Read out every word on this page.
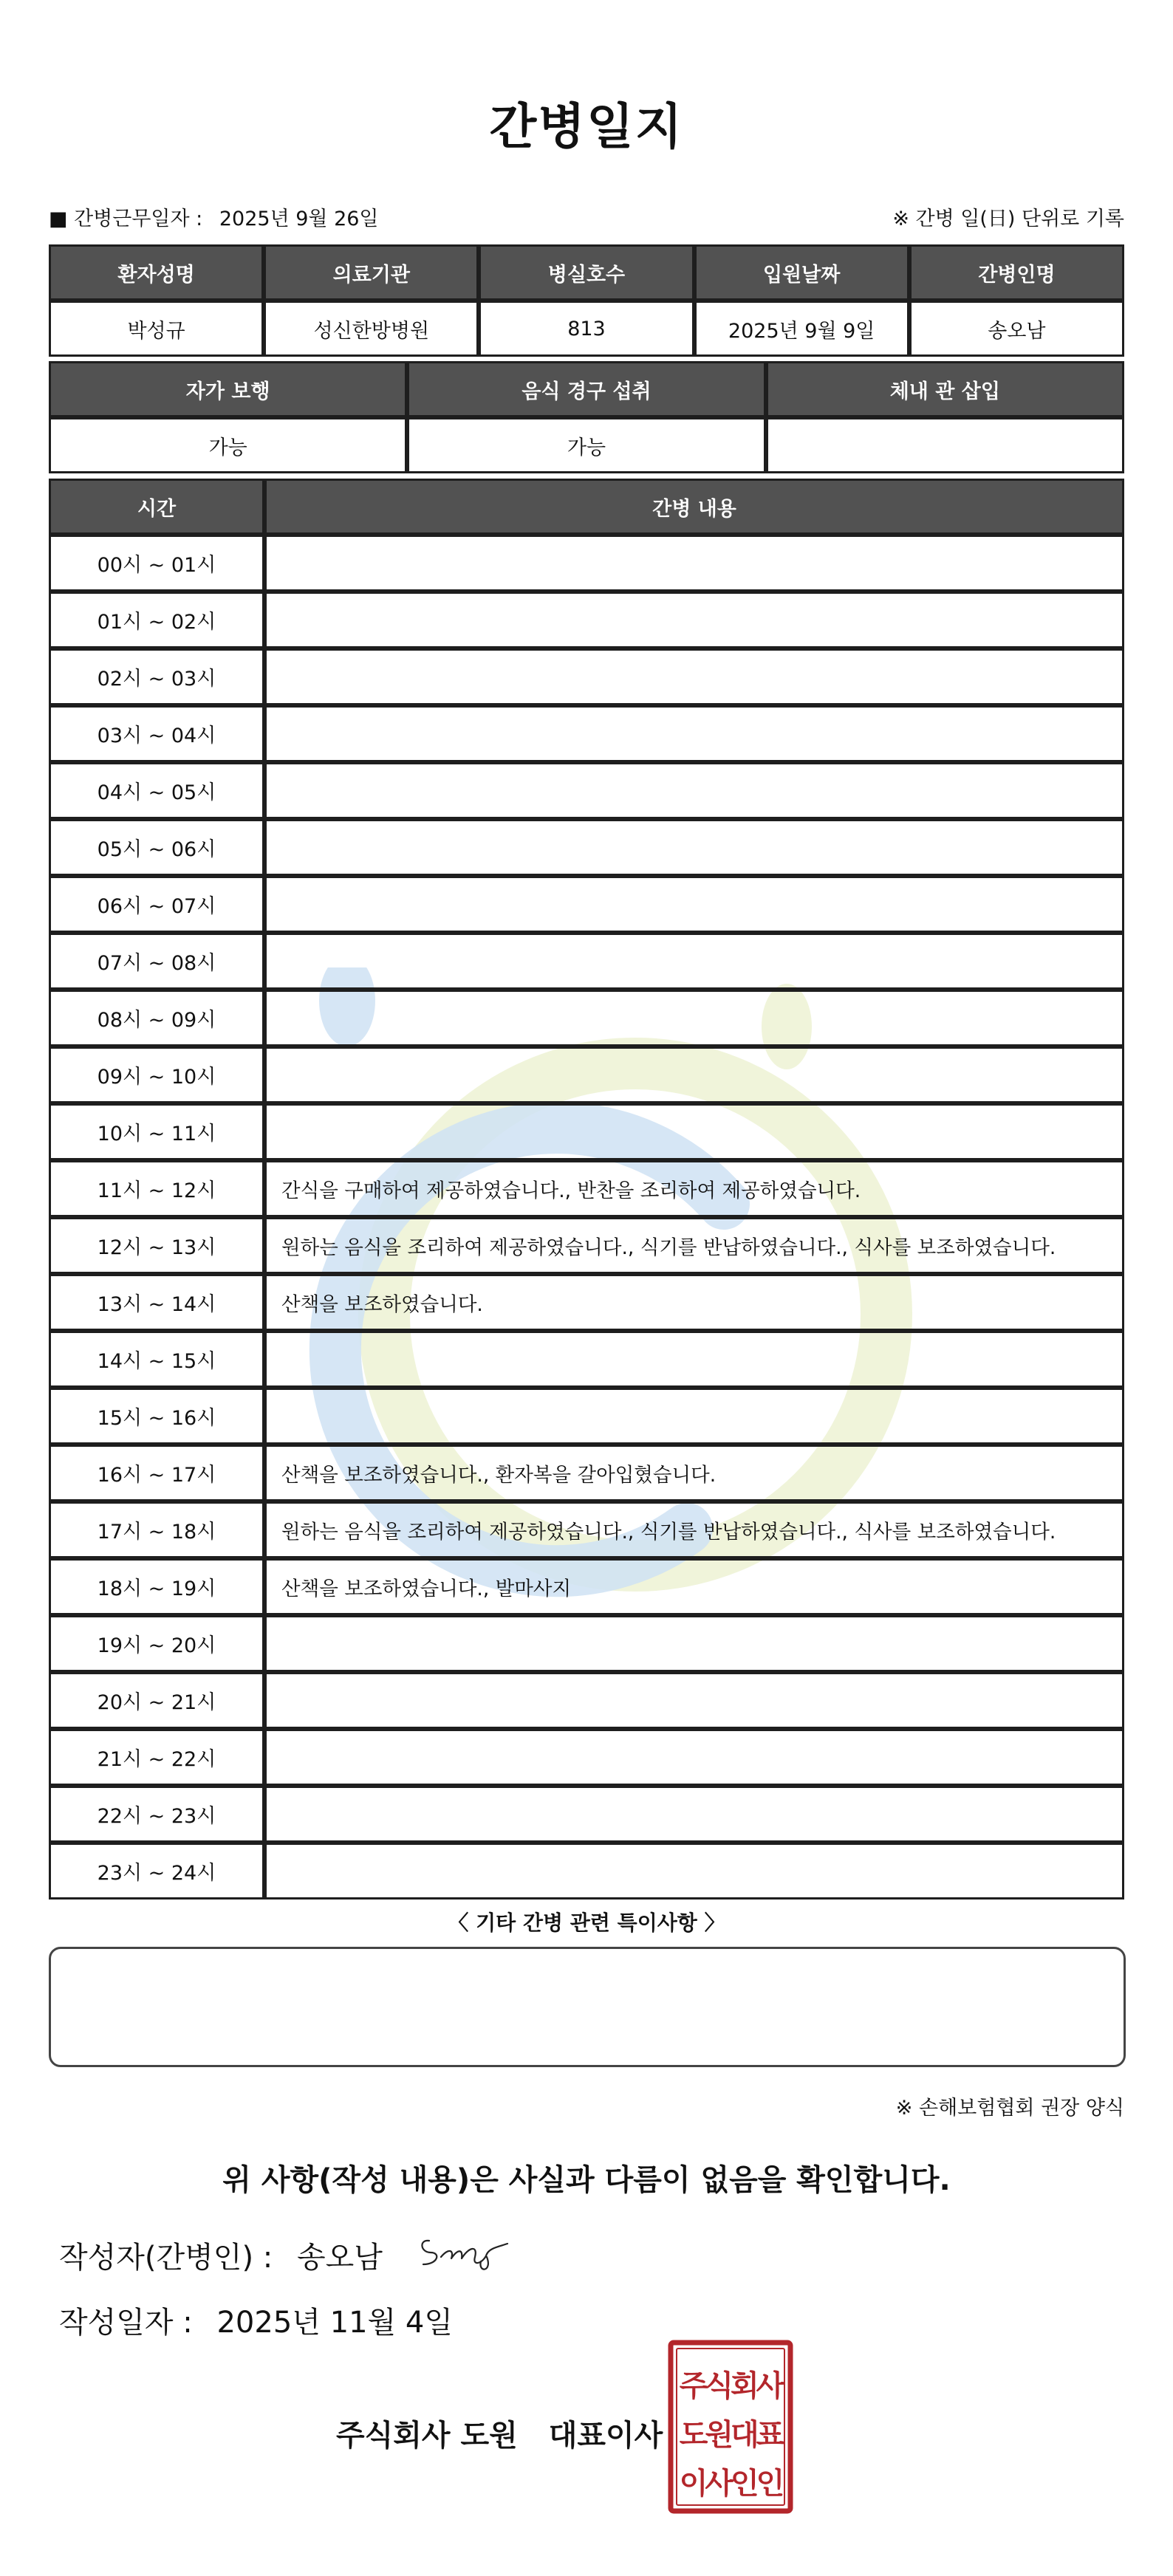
간병일지
■ 간병근무일자 : 2025년 9월 26일	※ 간병 일(日) 단위로 기록
환자성명	의료기관	병실호수	입원날짜	간병인명
박성규	성신한방병원	813	2025년 9월 9일	송오남
자가 보행	음식 경구 섭취	체내 관 삽입
가능	가능	
시간	간병 내용
00시 ~ 01시	
01시 ~ 02시	
02시 ~ 03시	
03시 ~ 04시	
04시 ~ 05시	
05시 ~ 06시	
06시 ~ 07시	
07시 ~ 08시	
08시 ~ 09시	
09시 ~ 10시	
10시 ~ 11시	
11시 ~ 12시	간식을 구매하여 제공하였습니다., 반찬을 조리하여 제공하였습니다.
12시 ~ 13시	원하는 음식을 조리하여 제공하였습니다., 식기를 반납하였습니다., 식사를 보조하였습니다.
13시 ~ 14시	산책을 보조하였습니다.
14시 ~ 15시	
15시 ~ 16시	
16시 ~ 17시	산책을 보조하였습니다., 환자복을 갈아입혔습니다.
17시 ~ 18시	원하는 음식을 조리하여 제공하였습니다., 식기를 반납하였습니다., 식사를 보조하였습니다.
18시 ~ 19시	산책을 보조하였습니다., 발마사지
19시 ~ 20시	
20시 ~ 21시	
21시 ~ 22시	
22시 ~ 23시	
23시 ~ 24시	
〈 기타 간병 관련 특이사항 〉
※ 손해보험협회 권장 양식
위 사항(작성 내용)은 사실과 다름이 없음을 확인합니다.
작성자(간병인) : 송오남
작성일자 : 2025년 11월 4일
주식회사 도원 대표이사
주식회사
도원대표
이사인인
